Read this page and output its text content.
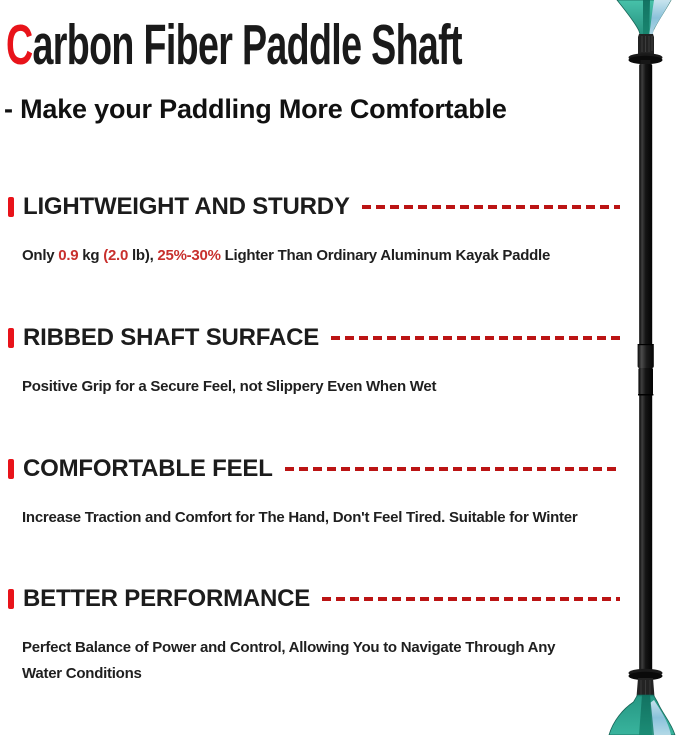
Carbon Fiber Paddle Shaft
- Make your Paddling More Comfortable
LIGHTWEIGHT AND STURDY

Only 0.9 kg (2.0 lb), 25%-30% Lighter Than Ordinary Aluminum Kayak Paddle

RIBBED SHAFT SURFACE

Positive Grip for a Secure Feel, not Slippery Even When Wet

COMFORTABLE FEEL

Increase Traction and Comfort for The Hand, Don't Feel Tired. Suitable for Winter

BETTER PERFORMANCE

Perfect Balance of Power and Control, Allowing You to Navigate Through Any
Water Conditions
